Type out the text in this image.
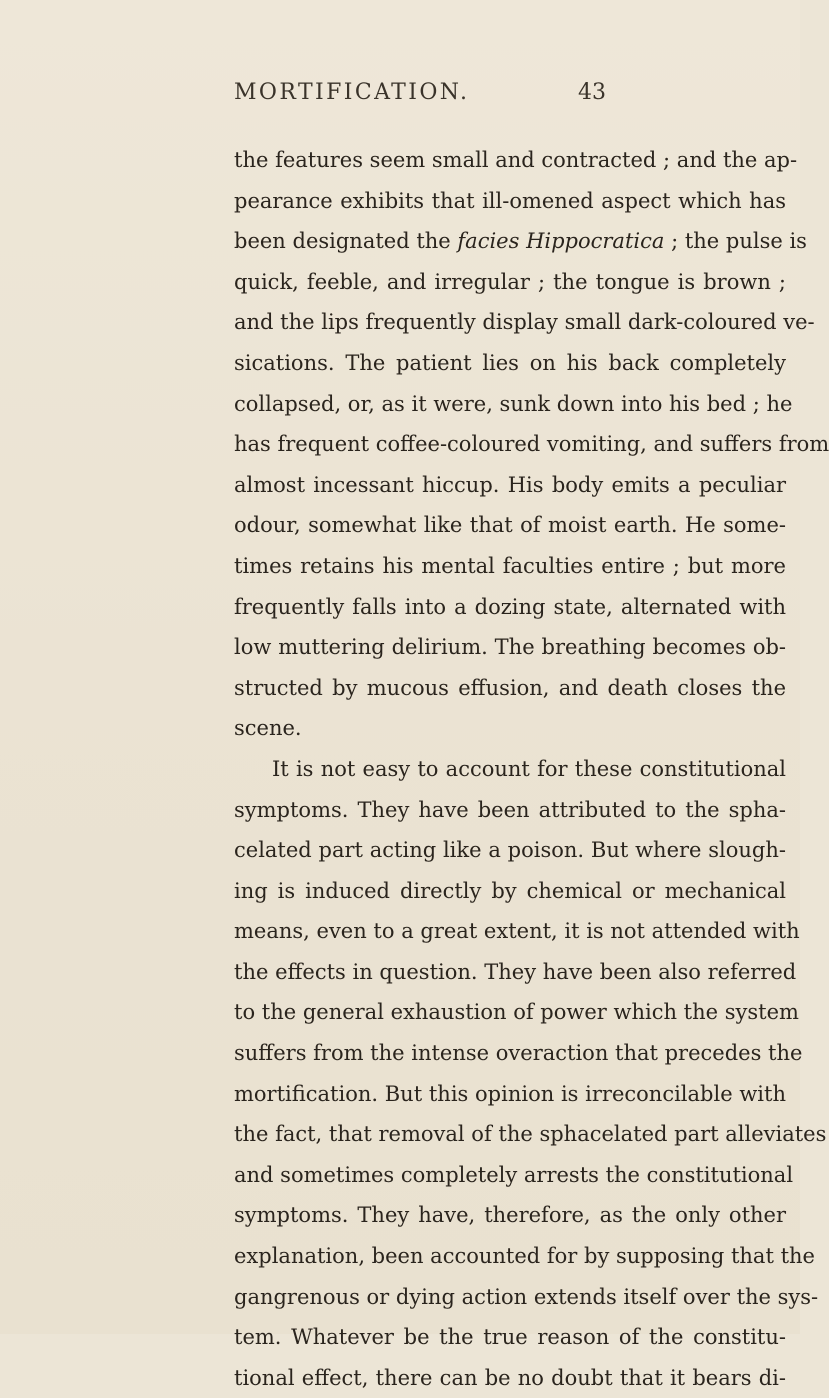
MORTIFICATION.	43
the features seem small and contracted ; and the ap-
pearance exhibits that ill-omened aspect which has
been designated the facies Hippocratica ; the pulse is
quick, feeble, and irregular ; the tongue is brown ;
and the lips frequently display small dark-coloured ve-
sications. The patient lies on his back completely
collapsed, or, as it were, sunk down into his bed ; he
has frequent coffee-coloured vomiting, and suffers from
almost incessant hiccup. His body emits a peculiar
odour, somewhat like that of moist earth. He some-
times retains his mental faculties entire ; but more
frequently falls into a dozing state, alternated with
low muttering delirium. The breathing becomes ob-
structed by mucous effusion, and death closes the
scene.
It is not easy to account for these constitutional
symptoms. They have been attributed to the spha-
celated part acting like a poison. But where slough-
ing is induced directly by chemical or mechanical
means, even to a great extent, it is not attended with
the effects in question. They have been also referred
to the general exhaustion of power which the system
suffers from the intense overaction that precedes the
mortification. But this opinion is irreconcilable with
the fact, that removal of the sphacelated part alleviates
and sometimes completely arrests the constitutional
symptoms. They have, therefore, as the only other
explanation, been accounted for by supposing that the
gangrenous or dying action extends itself over the sys-
tem. Whatever be the true reason of the constitu-
tional effect, there can be no doubt that it bears di-
